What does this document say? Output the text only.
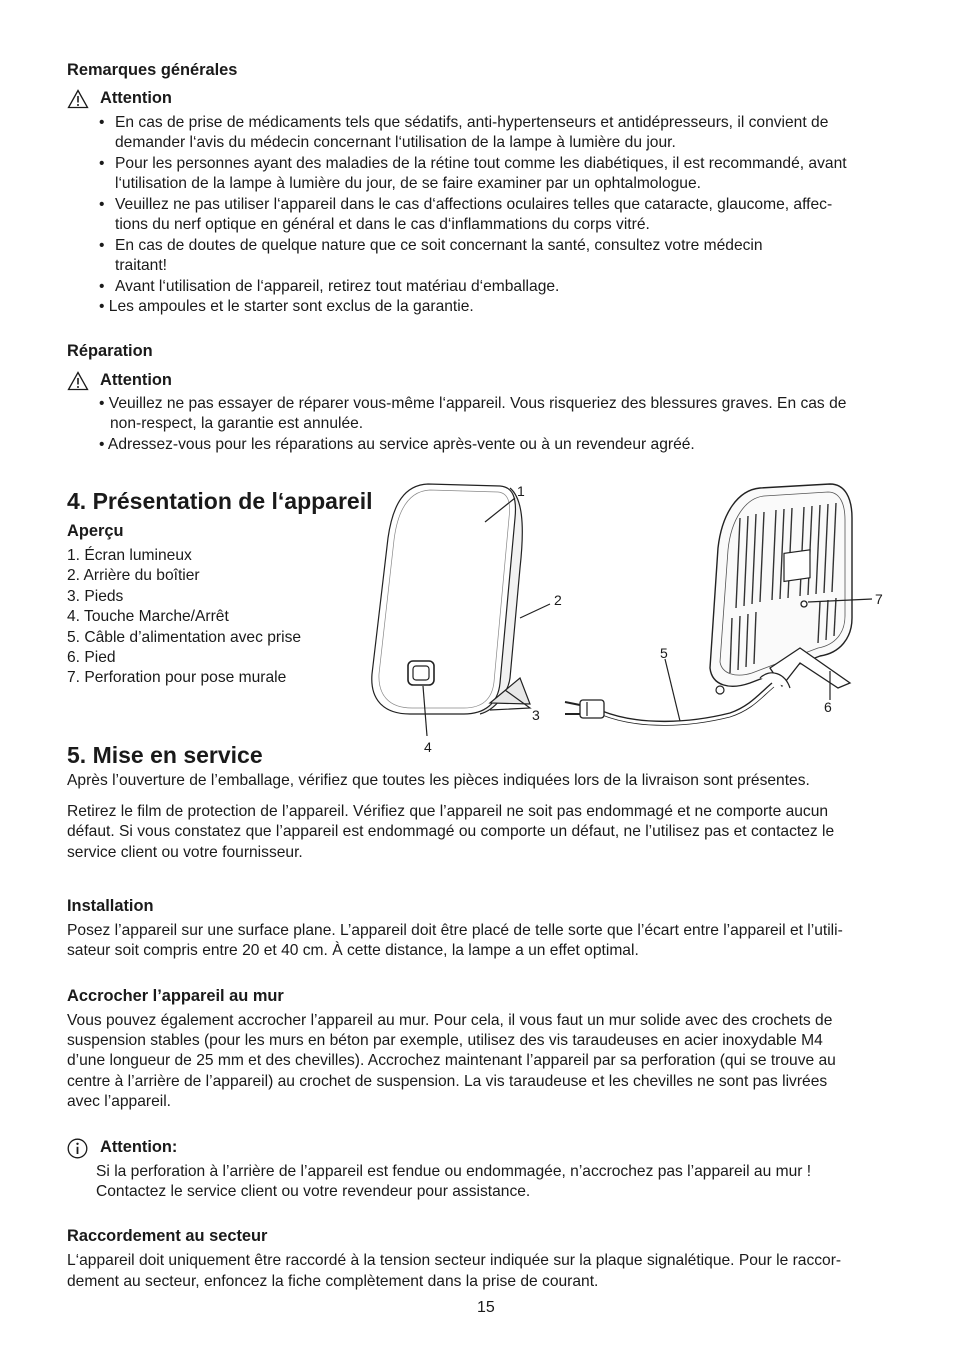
Remarques générales
Attention
• En cas de prise de médicaments tels que sédatifs, anti-hypertenseurs et antidépresseurs, il convient de
demander l‘avis du médecin concernant l‘utilisation de la lampe à lumière du jour.
• Pour les personnes ayant des maladies de la rétine tout comme les diabétiques, il est recommandé, avant
l‘utilisation de la lampe à lumière du jour, de se faire examiner par un ophtalmologue.
• Veuillez ne pas utiliser l‘appareil dans le cas d‘affections oculaires telles que cataracte, glaucome, affec-
tions du nerf optique en général et dans le cas d‘inflammations du corps vitré.
• En cas de doutes de quelque nature que ce soit concernant la santé, consultez votre médecin
traitant!
• Avant l‘utilisation de l‘appareil, retirez tout matériau d‘emballage.
• Les ampoules et le starter sont exclus de la garantie.
Réparation
Attention
• Veuillez ne pas essayer de réparer vous-même l‘appareil. Vous risqueriez des blessures graves. En cas de
non-respect, la garantie est annulée.
• Adressez-vous pour les réparations au service après-vente ou à un revendeur agréé.
4. Présentation de l‘appareil
Aperçu
1. Écran lumineux
2. Arrière du boîtier
3. Pieds
4. Touche Marche/Arrêt
5. Câble d’alimentation avec prise
6. Pied
7. Perforation pour pose murale
1
2
3
4
5
6
7
5. Mise en service
Après l’ouverture de l’emballage, vérifiez que toutes les pièces indiquées lors de la livraison sont présentes.
Retirez le film de protection de l’appareil. Vérifiez que l’appareil ne soit pas endommagé et ne comporte aucun
défaut. Si vous constatez que l’appareil est endommagé ou comporte un défaut, ne l’utilisez pas et contactez le
service client ou votre fournisseur.
Installation
Posez l’appareil sur une surface plane. L’appareil doit être placé de telle sorte que l’écart entre l’appareil et l’utili-
sateur soit compris entre 20 et 40 cm. À cette distance, la lampe a un effet optimal.
Accrocher l’appareil au mur
Vous pouvez également accrocher l’appareil au mur. Pour cela, il vous faut un mur solide avec des crochets de
suspension stables (pour les murs en béton par exemple, utilisez des vis taraudeuses en acier inoxydable M4
d’une longueur de 25 mm et des chevilles). Accrochez maintenant l’appareil par sa perforation (qui se trouve au
centre à l’arrière de l’appareil) au crochet de suspension. La vis taraudeuse et les chevilles ne sont pas livrées
avec l’appareil.
Attention:
Si la perforation à l’arrière de l’appareil est fendue ou endommagée, n’accrochez pas l’appareil au mur !
Contactez le service client ou votre revendeur pour assistance.
Raccordement au secteur
L‘appareil doit uniquement être raccordé à la tension secteur indiquée sur la plaque signalétique. Pour le raccor-
dement au secteur, enfoncez la fiche complètement dans la prise de courant.
15
